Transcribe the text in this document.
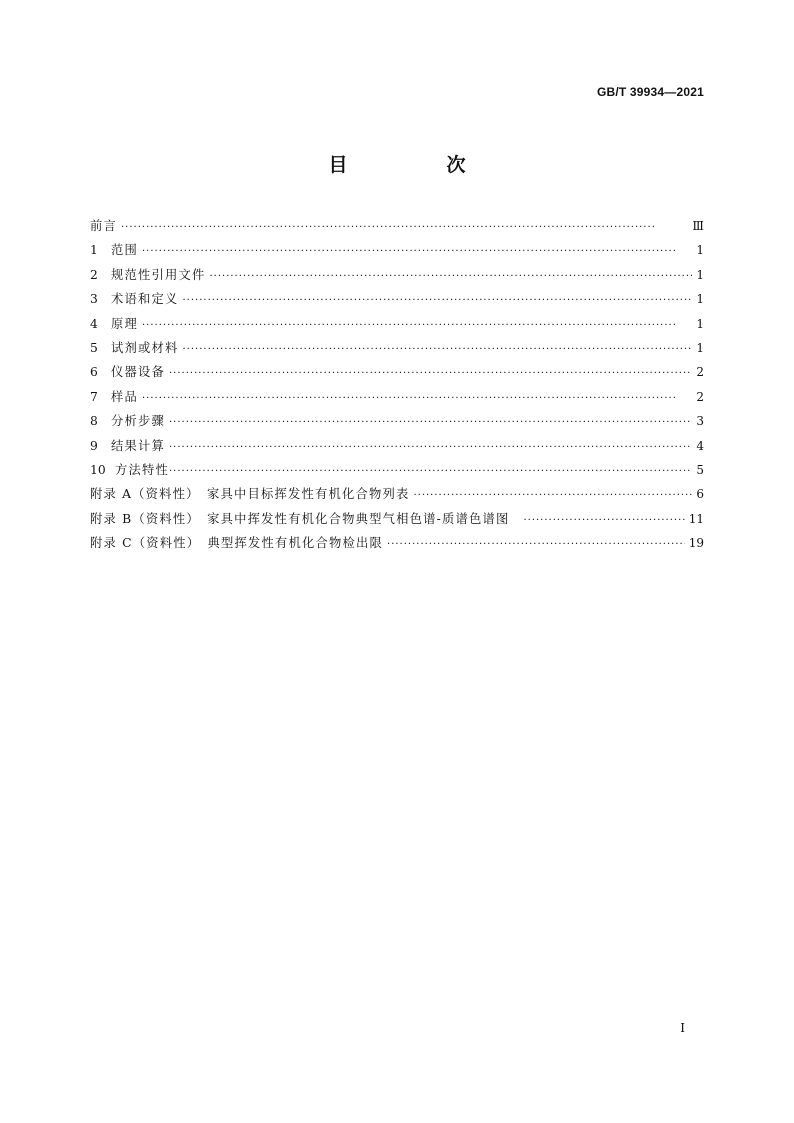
GB/T 39934—2021
目　次
前言 ·····	Ⅲ
1	范围 ·····	1
2	规范性引用文件 ·····	1
3	术语和定义 ·····	1
4	原理 ·····	1
5	试剂或材料 ·····	1
6	仪器设备 ·····	2
7	样品 ·····	2
8	分析步骤 ·····	3
9	结果计算 ·····	4
10 方法特性 ·····	5
附录 A（资料性）　家具中目标挥发性有机化合物列表 ·····	6
附录 B（资料性）　家具中挥发性有机化合物典型气相色谱-质谱色谱图 ·····	11
附录 C（资料性）　典型挥发性有机化合物检出限 ·····	19
I
